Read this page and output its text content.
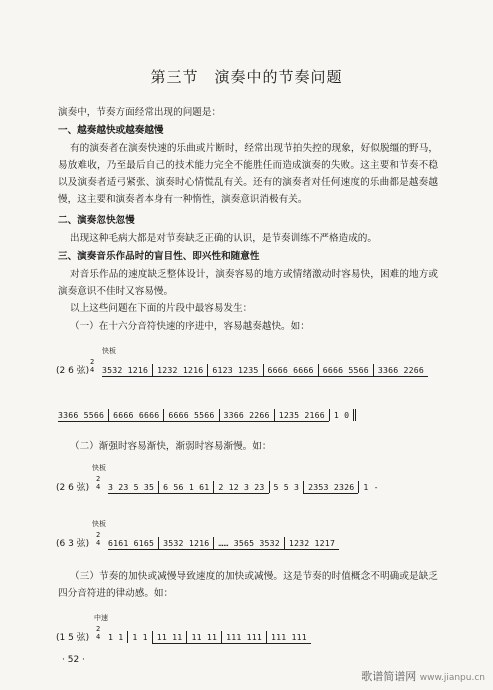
第三节　演奏中的节奏问题
演奏中，节奏方面经常出现的问题是：
一、越奏越快或越奏越慢
有的演奏者在演奏快速的乐曲或片断时，经常出现节拍失控的现象，好似脱缰的野马，易放难收，乃至最后自己的技术能力完全不能胜任而造成演奏的失败。这主要和节奏不稳以及演奏者适弓紧张、演奏时心情慌乱有关。还有的演奏者对任何速度的乐曲都是越奏越慢，这主要和演奏者本身有一种惰性，演奏意识消极有关。
二、演奏忽快忽慢
出现这种毛病大都是对节奏缺乏正确的认识，是节奏训练不严格造成的。
三、演奏音乐作品时的盲目性、即兴性和随意性
对音乐作品的速度缺乏整体设计，演奏容易的地方或情绪激动时容易快，困难的地方或演奏意识不佳时又容易慢。
以上这些问题在下面的片段中最容易发生：
（一）在十六分音符快速的序进中，容易越奏越快。如：
(2 6 弦)
快板
2
4 3532 1216 1232 1216 6123 1235 6666 6666 6666 5566 3366 2266
3366 5566 6666 6666 6666 5566 3366 2266 1235 2166 1 0
（二）渐强时容易渐快，渐弱时容易渐慢。如：
(2 6 弦)
快板
2
4 3 23 5 35 6 56 1 61 2 12 3 23 5 5 3 2353 2326 1 -
(6 3 弦)
快板
2
4 6161 6165 3532 1216 …… 3565 3532 1232 1217
（三）节奏的加快或减慢导致速度的加快或减慢。这是节奏的时值概念不明确或是缺乏四分音符进的律动感。如：
(1 5 弦)
中速
2
4 1 1 1 1 11 11 11 11 111 111 111 111
· 52 ·
歌谱简谱网 www.jianpu.cn
